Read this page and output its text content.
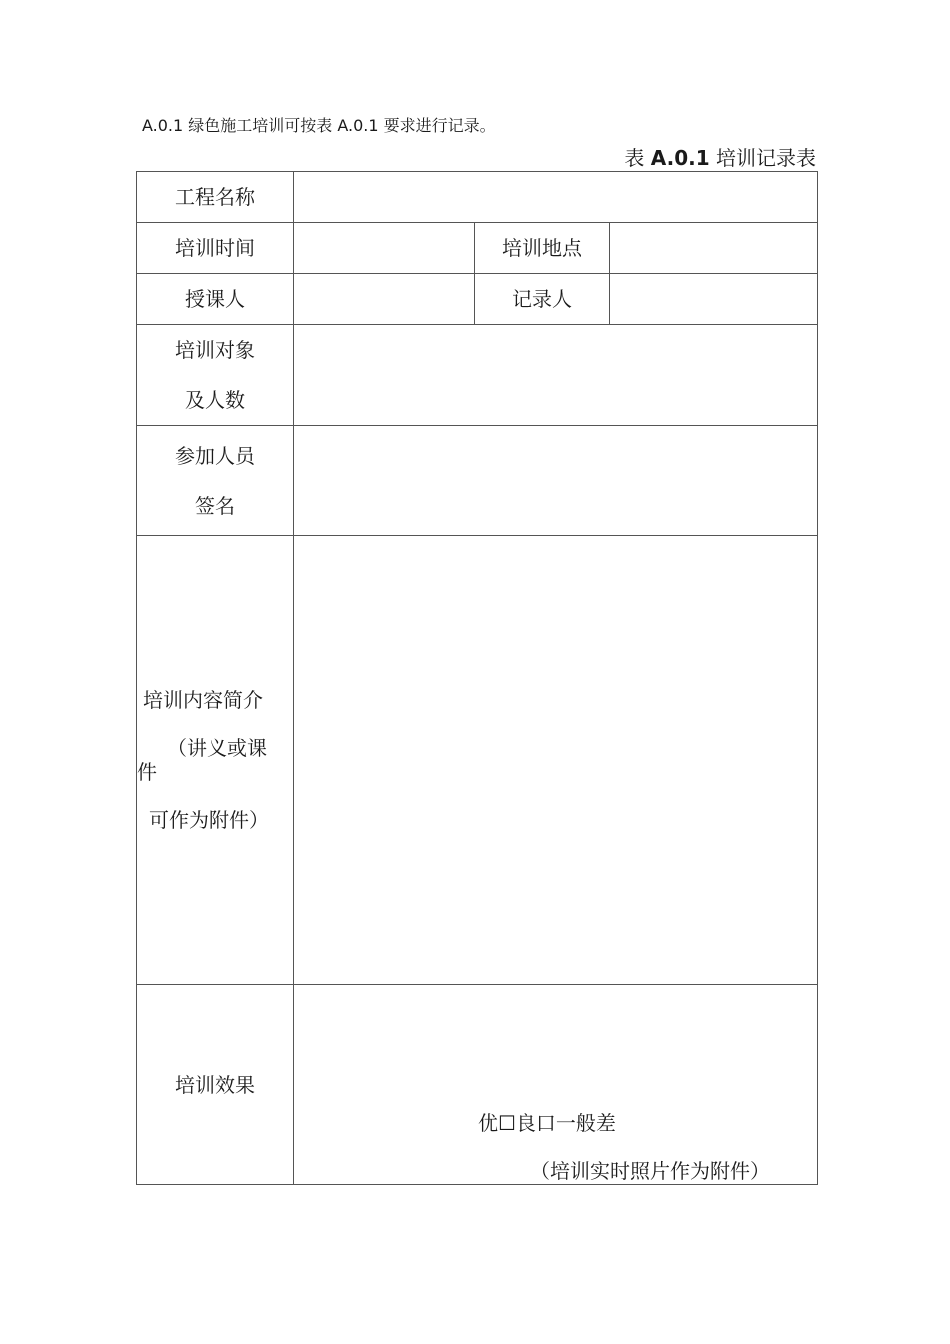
A.0.1 绿色施工培训可按表 A.0.1 要求进行记录。
表 A.0.1 培训记录表
工程名称			
培训时间		培训地点	
授课人		记录人	

培训对象
及人数			

参加人员
签名			

培训内容简介
（讲义或课
件
可作为附件）			

培训效果	优☐良口一般差
（培训实时照片作为附件）		
